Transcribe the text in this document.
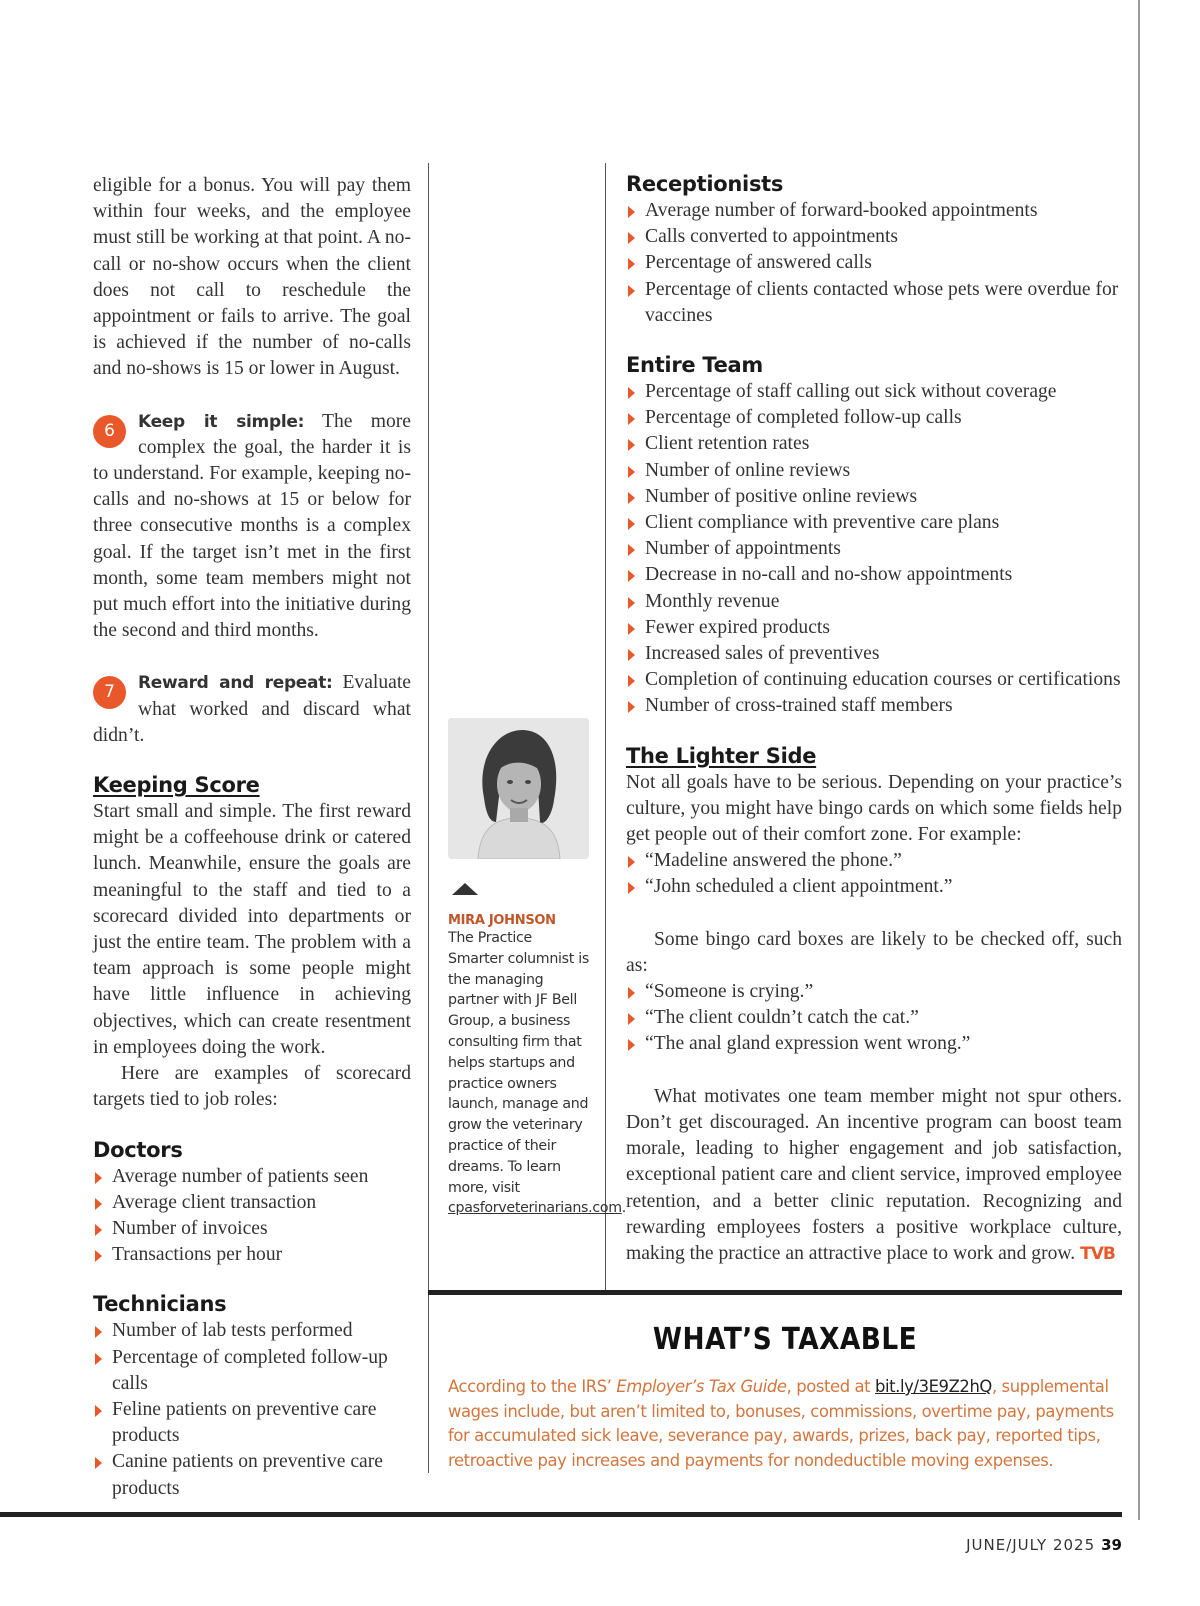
eligible for a bonus. You will pay them within four weeks, and the employee must still be working at that point. A no-call or no-show occurs when the client does not call to reschedule the appointment or fails to arrive. The goal is achieved if the number of no-calls and no-shows is 15 or lower in August.

6	Keep it simple: The more complex the goal, the harder it is to understand. For example, keeping no-calls and no-shows at 15 or below for three consecutive months is a complex goal. If the target isn’t met in the first month, some team members might not put much effort into the initiative during the second and third months.
7	Reward and repeat: Evaluate what worked and discard what didn’t.
Keeping Score

Start small and simple. The first reward might be a coffeehouse drink or catered lunch. Meanwhile, ensure the goals are meaningful to the staff and tied to a scorecard divided into departments or just the entire team. The problem with a team approach is some people might have little influence in achieving objectives, which can create resentment in employees doing the work.

Here are examples of scorecard targets tied to job roles:

Doctors
Average number of patients seen
Average client transaction
Number of invoices
Transactions per hour
Technicians
Number of lab tests performed
Percentage of completed follow-up calls
Feline patients on preventive care products
Canine patients on preventive care products
MIRA JOHNSON
The Practice Smarter columnist is the managing partner with JF Bell Group, a business consulting firm that helps startups and practice owners launch, manage and grow the veterinary practice of their dreams. To learn more, visit cpasforveterinarians.com.
Receptionists
Average number of forward-booked appointments
Calls converted to appointments
Percentage of answered calls
Percentage of clients contacted whose pets were overdue for vaccines
Entire Team
Percentage of staff calling out sick without coverage
Percentage of completed follow-up calls
Client retention rates
Number of online reviews
Number of positive online reviews
Client compliance with preventive care plans
Number of appointments
Decrease in no-call and no-show appointments
Monthly revenue
Fewer expired products
Increased sales of preventives
Completion of continuing education courses or certifications
Number of cross-trained staff members
The Lighter Side

Not all goals have to be serious. Depending on your practice’s culture, you might have bingo cards on which some fields help get people out of their comfort zone. For example:

“Madeline answered the phone.”
“John scheduled a client appointment.”

Some bingo card boxes are likely to be checked off, such as:

“Someone is crying.”
“The client couldn’t catch the cat.”
“The anal gland expression went wrong.”

What motivates one team member might not spur others. Don’t get discouraged. An incentive program can boost team morale, leading to higher engagement and job satisfaction, exceptional patient care and client service, improved employee retention, and a better clinic reputation. Recognizing and rewarding employees fosters a positive workplace culture, making the practice an attractive place to work and grow. TVB

WHAT’S TAXABLE

According to the IRS’ Employer’s Tax Guide, posted at bit.ly/3E9Z2hQ, supplemental wages include, but aren’t limited to, bonuses, commissions, overtime pay, payments for accumulated sick leave, severance pay, awards, prizes, back pay, reported tips, retroactive pay increases and payments for nondeductible moving expenses.

JUNE/JULY 2025 39
